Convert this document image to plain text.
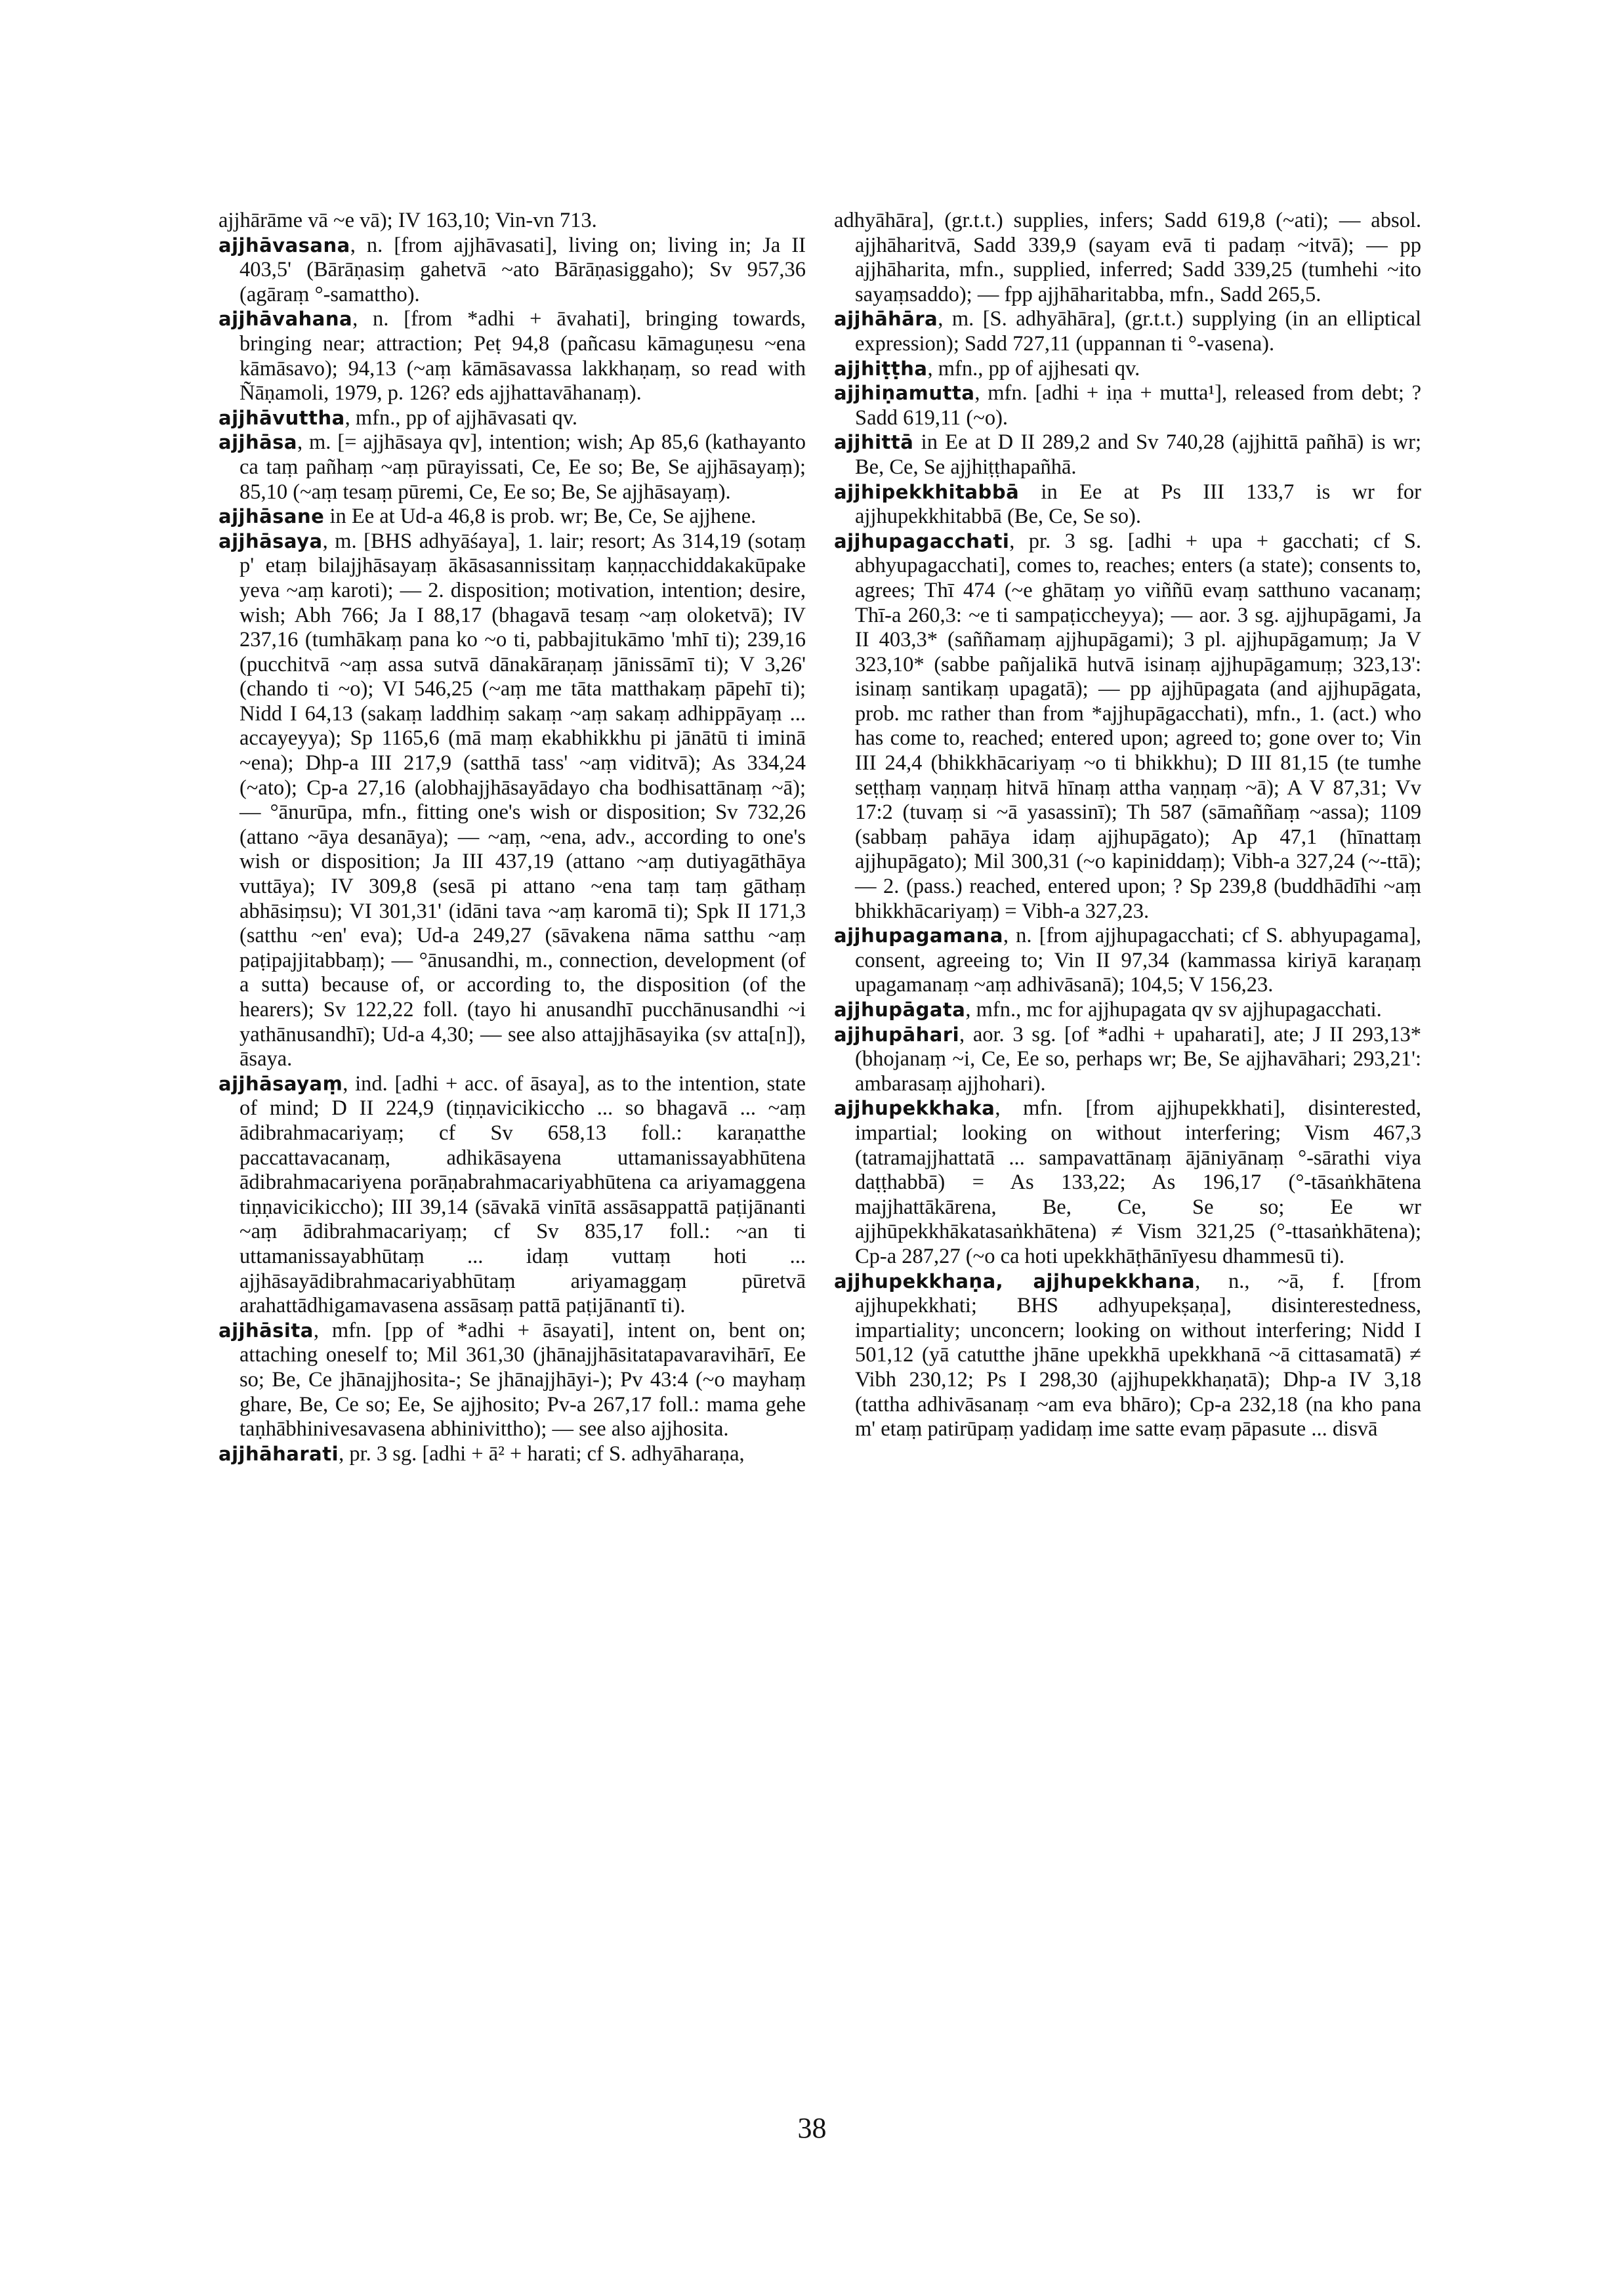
ajjhārāme vā ~e vā); IV 163,10; Vin-vn 713.

ajjhāvasana, n. [from ajjhāvasati], living on; living in; Ja II 403,5' (Bārāṇasiṃ gahetvā ~ato Bārāṇasiggaho); Sv 957,36 (agāraṃ °-samattho).

ajjhāvahana, n. [from *adhi + āvahati], bringing towards, bringing near; attraction; Peṭ 94,8 (pañcasu kāmaguṇesu ~ena kāmāsavo); 94,13 (~aṃ kāmāsavassa lakkhaṇaṃ, so read with Ñāṇamoli, 1979, p. 126? eds ajjhattavāhanaṃ).

ajjhāvuttha, mfn., pp of ajjhāvasati qv.

ajjhāsa, m. [= ajjhāsaya qv], intention; wish; Ap 85,6 (kathayanto ca taṃ pañhaṃ ~aṃ pūrayissati, Ce, Ee so; Be, Se ajjhāsayaṃ); 85,10 (~aṃ tesaṃ pūremi, Ce, Ee so; Be, Se ajjhāsayaṃ).

ajjhāsane in Ee at Ud-a 46,8 is prob. wr; Be, Ce, Se ajjhene.

ajjhāsaya, m. [BHS adhyāśaya], 1. lair; resort; As 314,19 (sotaṃ p' etaṃ bilajjhāsayaṃ ākāsasannissitaṃ kaṇṇacchiddakakūpake yeva ~aṃ karoti); — 2. disposition; motivation, intention; desire, wish; Abh 766; Ja I 88,17 (bhagavā tesaṃ ~aṃ oloketvā); IV 237,16 (tumhākaṃ pana ko ~o ti, pabbajitukāmo 'mhī ti); 239,16 (pucchitvā ~aṃ assa sutvā dānakāraṇaṃ jānissāmī ti); V 3,26' (chando ti ~o); VI 546,25 (~aṃ me tāta matthakaṃ pāpehī ti); Nidd I 64,13 (sakaṃ laddhiṃ sakaṃ ~aṃ sakaṃ adhippāyaṃ ... accayeyya); Sp 1165,6 (mā maṃ ekabhikkhu pi jānātū ti iminā ~ena); Dhp-a III 217,9 (satthā tass' ~aṃ viditvā); As 334,24 (~ato); Cp-a 27,16 (alobhajjhāsayādayo cha bodhisattānaṃ ~ā); — °ānurūpa, mfn., fitting one's wish or disposition; Sv 732,26 (attano ~āya desanāya); — ~aṃ, ~ena, adv., according to one's wish or disposition; Ja III 437,19 (attano ~aṃ dutiyagāthāya vuttāya); IV 309,8 (sesā pi attano ~ena taṃ taṃ gāthaṃ abhāsiṃsu); VI 301,31' (idāni tava ~aṃ karomā ti); Spk II 171,3 (satthu ~en' eva); Ud-a 249,27 (sāvakena nāma satthu ~aṃ paṭipajjitabbaṃ); — °ānusandhi, m., connection, development (of a sutta) because of, or according to, the disposition (of the hearers); Sv 122,22 foll. (tayo hi anusandhī pucchānusandhi ~i yathānusandhī); Ud-a 4,30; — see also attajjhāsayika (sv atta[n]), āsaya.

ajjhāsayaṃ, ind. [adhi + acc. of āsaya], as to the intention, state of mind; D II 224,9 (tiṇṇavicikiccho ... so bhagavā ... ~aṃ ādibrahmacariyaṃ; cf Sv 658,13 foll.: karaṇatthe paccattavacanaṃ, adhikāsayena uttamanissayabhūtena ādibrahmacariyena porāṇabrahmacariyabhūtena ca ariyamaggena tiṇṇavicikiccho); III 39,14 (sāvakā vinītā assāsappattā paṭijānanti ~aṃ ādibrahmacariyaṃ; cf Sv 835,17 foll.: ~an ti uttamanissayabhūtaṃ ... idaṃ vuttaṃ hoti ... ajjhāsayādibrahmacariyabhūtaṃ ariyamaggaṃ pūretvā arahattādhigamavasena assāsaṃ pattā paṭijānantī ti).

ajjhāsita, mfn. [pp of *adhi + āsayati], intent on, bent on; attaching oneself to; Mil 361,30 (jhānajjhāsitatapavaravihārī, Ee so; Be, Ce jhānajjhosita-; Se jhānajjhāyi-); Pv 43:4 (~o mayhaṃ ghare, Be, Ce so; Ee, Se ajjhosito; Pv-a 267,17 foll.: mama gehe taṇhābhinivesavasena abhinivittho); — see also ajjhosita.

ajjhāharati, pr. 3 sg. [adhi + ā² + harati; cf S. adhyāharaṇa,

adhyāhāra], (gr.t.t.) supplies, infers; Sadd 619,8 (~ati); — absol. ajjhāharitvā, Sadd 339,9 (sayam evā ti padaṃ ~itvā); — pp ajjhāharita, mfn., supplied, inferred; Sadd 339,25 (tumhehi ~ito sayaṃsaddo); — fpp ajjhāharitabba, mfn., Sadd 265,5.

ajjhāhāra, m. [S. adhyāhāra], (gr.t.t.) supplying (in an elliptical expression); Sadd 727,11 (uppannan ti °-vasena).

ajjhiṭṭha, mfn., pp of ajjhesati qv.

ajjhiṇamutta, mfn. [adhi + iṇa + mutta¹], released from debt; ? Sadd 619,11 (~o).

ajjhittā in Ee at D II 289,2 and Sv 740,28 (ajjhittā pañhā) is wr; Be, Ce, Se ajjhiṭṭhapañhā.

ajjhipekkhitabbā in Ee at Ps III 133,7 is wr for ajjhupekkhitabbā (Be, Ce, Se so).

ajjhupagacchati, pr. 3 sg. [adhi + upa + gacchati; cf S. abhyupagacchati], comes to, reaches; enters (a state); consents to, agrees; Thī 474 (~e ghātaṃ yo viññū evaṃ satthuno vacanaṃ; Thī-a 260,3: ~e ti sampaṭiccheyya); — aor. 3 sg. ajjhupāgami, Ja II 403,3* (saññamaṃ ajjhupāgami); 3 pl. ajjhupāgamuṃ; Ja V 323,10* (sabbe pañjalikā hutvā isinaṃ ajjhupāgamuṃ; 323,13': isinaṃ santikaṃ upagatā); — pp ajjhūpagata (and ajjhupāgata, prob. mc rather than from *ajjhupāgacchati), mfn., 1. (act.) who has come to, reached; entered upon; agreed to; gone over to; Vin III 24,4 (bhikkhācariyaṃ ~o ti bhikkhu); D III 81,15 (te tumhe seṭṭhaṃ vaṇṇaṃ hitvā hīnaṃ attha vaṇṇaṃ ~ā); A V 87,31; Vv 17:2 (tuvaṃ si ~ā yasassinī); Th 587 (sāmaññaṃ ~assa); 1109 (sabbaṃ pahāya idaṃ ajjhupāgato); Ap 47,1 (hīnattaṃ ajjhupāgato); Mil 300,31 (~o kapiniddaṃ); Vibh-a 327,24 (~-ttā); — 2. (pass.) reached, entered upon; ? Sp 239,8 (buddhādīhi ~aṃ bhikkhācariyaṃ) = Vibh-a 327,23.

ajjhupagamana, n. [from ajjhupagacchati; cf S. abhyupagama], consent, agreeing to; Vin II 97,34 (kammassa kiriyā karaṇaṃ upagamanaṃ ~aṃ adhivāsanā); 104,5; V 156,23.

ajjhupāgata, mfn., mc for ajjhupagata qv sv ajjhupagacchati.

ajjhupāhari, aor. 3 sg. [of *adhi + upaharati], ate; J II 293,13* (bhojanaṃ ~i, Ce, Ee so, perhaps wr; Be, Se ajjhavāhari; 293,21': ambarasaṃ ajjhohari).

ajjhupekkhaka, mfn. [from ajjhupekkhati], disinterested, impartial; looking on without interfering; Vism 467,3 (tatramajjhattatā ... sampavattānaṃ ājāniyānaṃ °-sārathi viya daṭṭhabbā) = As 133,22; As 196,17 (°-tāsaṅkhātena majjhattākārena, Be, Ce, Se so; Ee wr ajjhūpekkhākatasaṅkhātena) ≠ Vism 321,25 (°-ttasaṅkhātena); Cp-a 287,27 (~o ca hoti upekkhāṭhānīyesu dhammesū ti).

ajjhupekkhaṇa, ajjhupekkhana, n., ~ā, f. [from ajjhupekkhati; BHS adhyupekṣaṇa], disinterestedness, impartiality; unconcern; looking on without interfering; Nidd I 501,12 (yā catutthe jhāne upekkhā upekkhanā ~ā cittasamatā) ≠ Vibh 230,12; Ps I 298,30 (ajjhupekkhaṇatā); Dhp-a IV 3,18 (tattha adhivāsanaṃ ~am eva bhāro); Cp-a 232,18 (na kho pana m' etaṃ patirūpaṃ yadidaṃ ime satte evaṃ pāpasute ... disvā

38
